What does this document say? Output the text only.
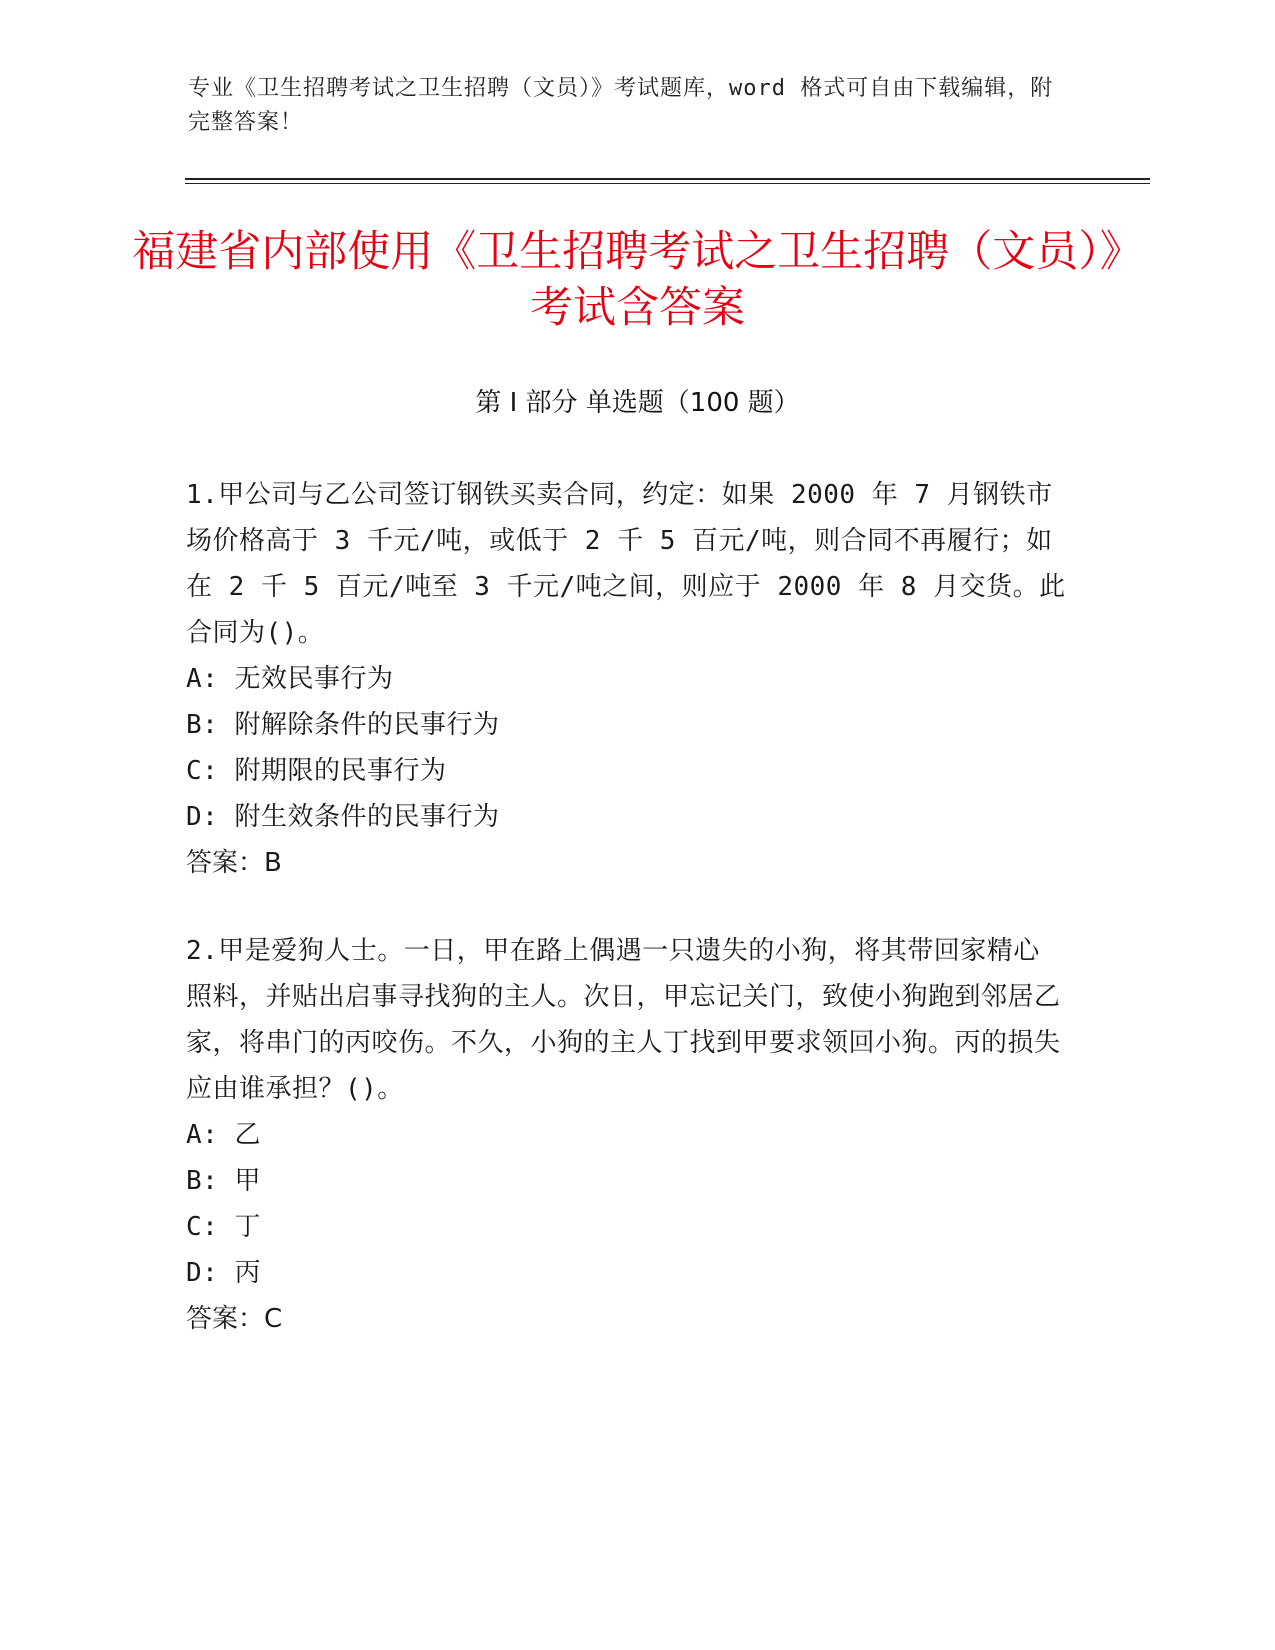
专业《卫生招聘考试之卫生招聘（文员）》考试题库，word 格式可自由下载编辑，附完整答案！
福建省内部使用《卫生招聘考试之卫生招聘（文员）》考试含答案
第 I 部分 单选题（100 题）

1.甲公司与乙公司签订钢铁买卖合同，约定：如果 2000 年 7 月钢铁市场价格高于 3 千元/吨，或低于 2 千 5 百元/吨，则合同不再履行；如在 2 千 5 百元/吨至 3 千元/吨之间，则应于 2000 年 8 月交货。此合同为()。

A: 无效民事行为

B: 附解除条件的民事行为

C: 附期限的民事行为

D: 附生效条件的民事行为

答案：B

2.甲是爱狗人士。一日，甲在路上偶遇一只遗失的小狗，将其带回家精心照料，并贴出启事寻找狗的主人。次日，甲忘记关门，致使小狗跑到邻居乙家，将串门的丙咬伤。不久，小狗的主人丁找到甲要求领回小狗。丙的损失应由谁承担？()。

A: 乙

B: 甲

C: 丁

D: 丙

答案：C
